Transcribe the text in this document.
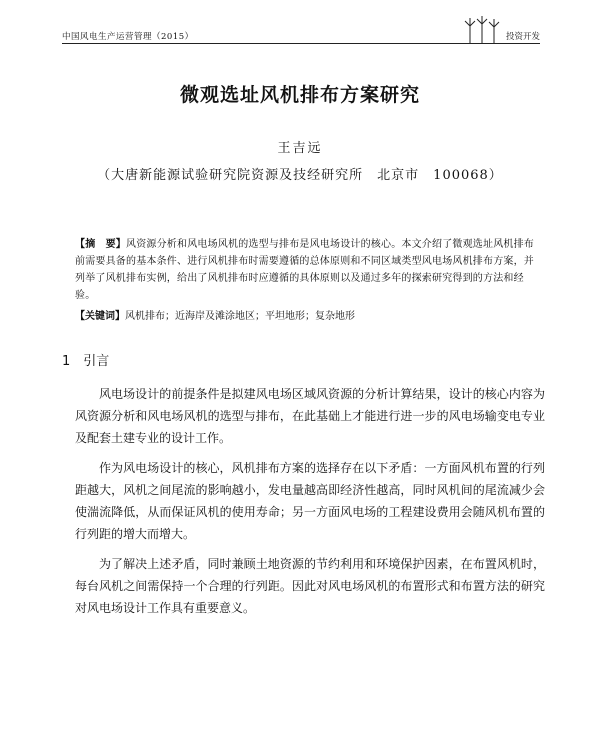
中国风电生产运营管理（2015）	投资开发
微观选址风机排布方案研究
王吉远
（大唐新能源试验研究院资源及技经研究所　北京市　100068）
【摘　要】风资源分析和风电场风机的选型与排布是风电场设计的核心。本文介绍了微观选址风机排布前需要具备的基本条件、进行风机排布时需要遵循的总体原则和不同区域类型风电场风机排布方案，并列举了风机排布实例，给出了风机排布时应遵循的具体原则以及通过多年的探索研究得到的方法和经验。
【关键词】风机排布；近海岸及滩涂地区；平坦地形；复杂地形
1　引言

风电场设计的前提条件是拟建风电场区域风资源的分析计算结果，设计的核心内容为风资源分析和风电场风机的选型与排布，在此基础上才能进行进一步的风电场输变电专业及配套土建专业的设计工作。

作为风电场设计的核心，风机排布方案的选择存在以下矛盾：一方面风机布置的行列距越大，风机之间尾流的影响越小，发电量越高即经济性越高，同时风机间的尾流减少会使湍流降低，从而保证风机的使用寿命；另一方面风电场的工程建设费用会随风机布置的行列距的增大而增大。

为了解决上述矛盾，同时兼顾土地资源的节约利用和环境保护因素，在布置风机时，每台风机之间需保持一个合理的行列距。因此对风电场风机的布置形式和布置方法的研究对风电场设计工作具有重要意义。
